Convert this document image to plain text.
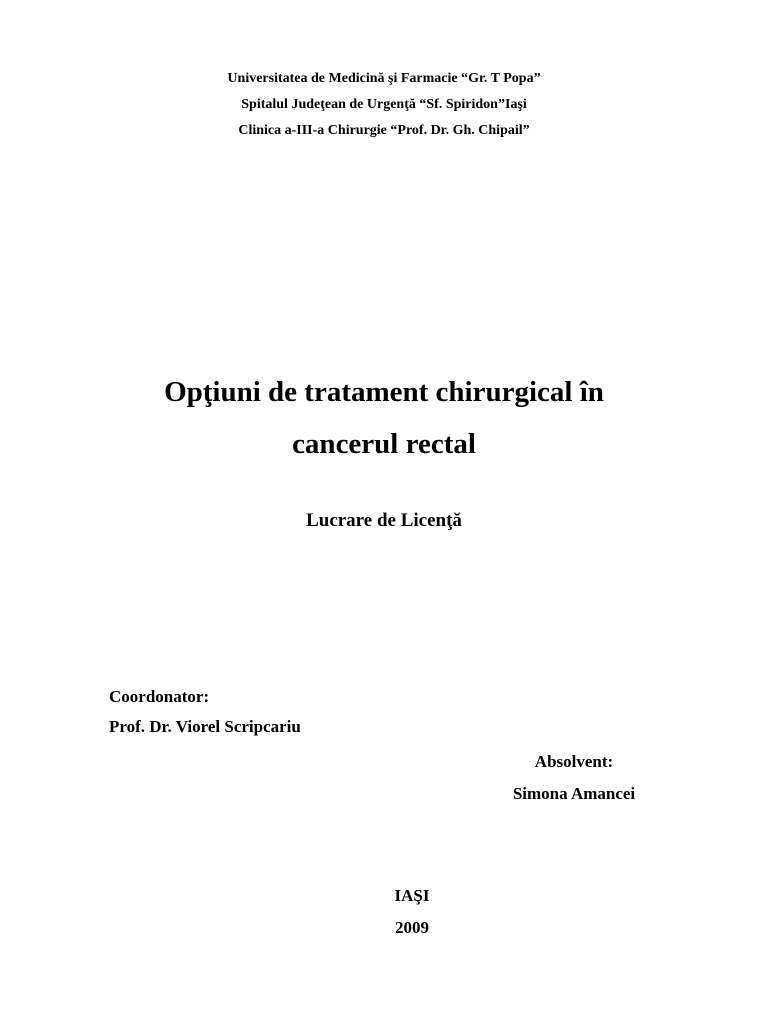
Universitatea de Medicină şi Farmacie “Gr. T Popa”
Spitalul Judeţean de Urgenţă “Sf. Spiridon”Iaşi
Clinica a-III-a Chirurgie “Prof. Dr. Gh. Chipail”
Opţiuni de tratament chirurgical în
cancerul rectal
Lucrare de Licenţă
Coordonator:
Prof. Dr. Viorel Scripcariu
Absolvent:
Simona Amancei
IAŞI
2009
